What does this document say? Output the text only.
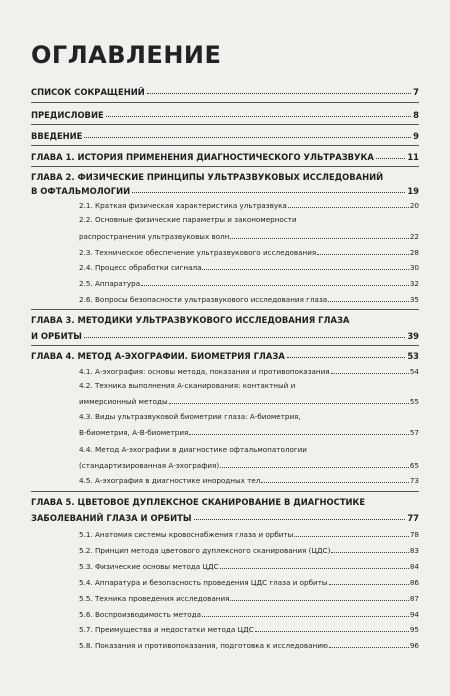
ОГЛАВЛЕНИЕ
СПИСОК СОКРАЩЕНИЙ	7
ПРЕДИСЛОВИЕ	8
ВВЕДЕНИЕ	9
ГЛАВА 1. ИСТОРИЯ ПРИМЕНЕНИЯ ДИАГНОСТИЧЕСКОГО УЛЬТРАЗВУКА	11
ГЛАВА 2. ФИЗИЧЕСКИЕ ПРИНЦИПЫ УЛЬТРАЗВУКОВЫХ ИССЛЕДОВАНИЙ
В ОФТАЛЬМОЛОГИИ	19
2.1. Краткая физическая характеристика ультразвука	20
2.2. Основные физические параметры и закономерности
распространения ультразвуковых волн	22
2.3. Техническое обеспечение ультразвукового исследования	28
2.4. Процесс обработки сигнала	30
2.5. Аппаратура	32
2.6. Вопросы безопасности ультразвукового исследования глаза	35
ГЛАВА 3. МЕТОДИКИ УЛЬТРАЗВУКОВОГО ИССЛЕДОВАНИЯ ГЛАЗА
И ОРБИТЫ	39
ГЛАВА 4. МЕТОД А-ЭХОГРАФИИ. БИОМЕТРИЯ ГЛАЗА	53
4.1. А-эхография: основы метода, показания и противопоказания	54
4.2. Техника выполнения А-сканирования: контактный и
иммерсионный методы	55
4.3. Виды ультразвуковой биометрии глаза: А-биометрия,
В-биометрия, А-В-биометрия	57
4.4. Метод А-эхографии в диагностике офтальмопатологии
(стандартизированная А-эхография)	65
4.5. А-эхография в диагностике инородных тел	73
ГЛАВА 5. ЦВЕТОВОЕ ДУПЛЕКСНОЕ СКАНИРОВАНИЕ В ДИАГНОСТИКЕ
ЗАБОЛЕВАНИЙ ГЛАЗА И ОРБИТЫ	77
5.1. Анатомия системы кровоснабжения глаза и орбиты	78
5.2. Принцип метода цветового дуплексного сканирования (ЦДС)	83
5.3. Физические основы метода ЦДС	84
5.4. Аппаратура и безопасность проведения ЦДС глаза и орбиты	86
5.5. Техника проведения исследования	87
5.6. Воспроизводимость метода	94
5.7. Преимущества и недостатки метода ЦДС	95
5.8. Показания и противопоказания, подготовка к исследованию	96
